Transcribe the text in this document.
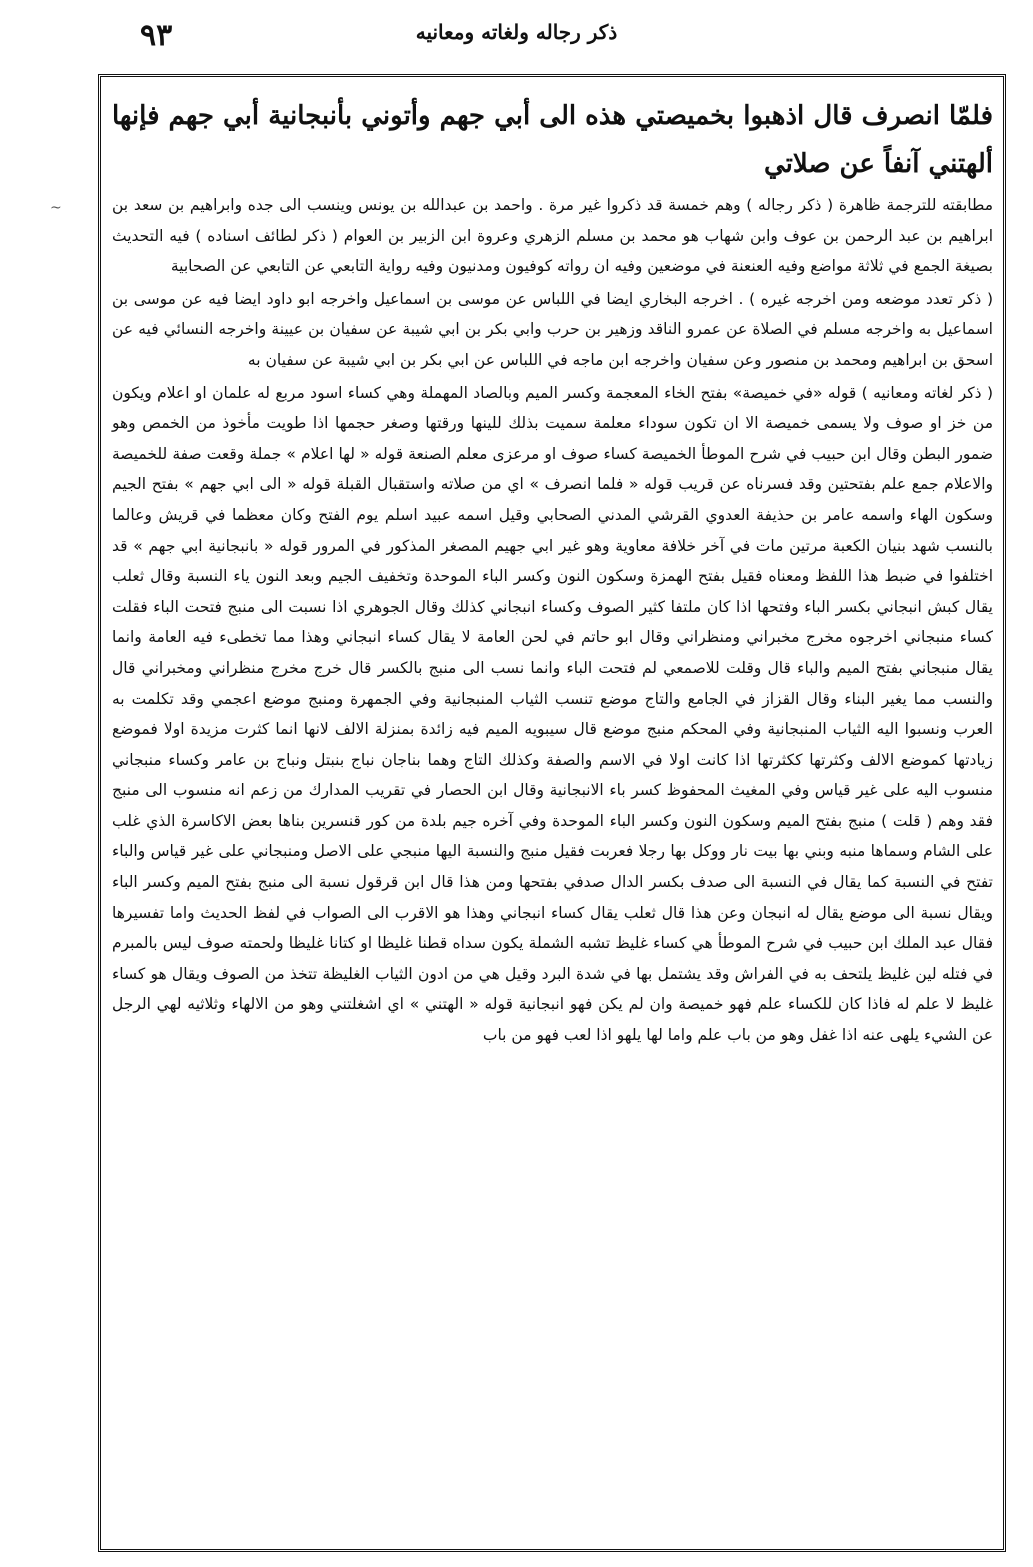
٩٣	ذكر رجاله ولغاته ومعانيه
~
فلمّا انصرف قال اذهبوا بخميصتي هذه الى أبي جهم وأتوني بأنبجانية أبي جهم فإنها ألهتني آنفاً عن صلاتي

مطابقته للترجمة ظاهرة ( ذكر رجاله ) وهم خمسة قد ذكروا غير مرة . واحمد بن عبدالله بن يونس وينسب الى جده وابراهيم بن سعد بن ابراهيم بن عبد الرحمن بن عوف وابن شهاب هو محمد بن مسلم الزهري وعروة ابن الزبير بن العوام ( ذكر لطائف اسناده ) فيه التحديث بصيغة الجمع في ثلاثة مواضع وفيه العنعنة في موضعين وفيه ان رواته كوفيون ومدنيون وفيه رواية التابعي عن التابعي عن الصحابية

( ذكر تعدد موضعه ومن اخرجه غيره ) . اخرجه البخاري ايضا في اللباس عن موسى بن اسماعيل واخرجه ابو داود ايضا فيه عن موسى بن اسماعيل به واخرجه مسلم في الصلاة عن عمرو الناقد وزهير بن حرب وابي بكر بن ابي شيبة عن سفيان بن عيينة واخرجه النسائي فيه عن اسحق بن ابراهيم ومحمد بن منصور وعن سفيان واخرجه ابن ماجه في اللباس عن ابي بكر بن ابي شيبة عن سفيان به

( ذكر لغاته ومعانيه ) قوله «في خميصة» بفتح الخاء المعجمة وكسر الميم وبالصاد المهملة وهي كساء اسود مربع له علمان او اعلام ويكون من خز او صوف ولا يسمى خميصة الا ان تكون سوداء معلمة سميت بذلك للينها ورقتها وصغر حجمها اذا طويت مأخوذ من الخمص وهو ضمور البطن وقال ابن حبيب في شرح الموطأ الخميصة كساء صوف او مرعزى معلم الصنعة قوله « لها اعلام » جملة وقعت صفة للخميصة والاعلام جمع علم بفتحتين وقد فسرناه عن قريب قوله « فلما انصرف » اي من صلاته واستقبال القبلة قوله « الى ابي جهم » بفتح الجيم وسكون الهاء واسمه عامر بن حذيفة العدوي القرشي المدني الصحابي وقيل اسمه عبيد اسلم يوم الفتح وكان معظما في قريش وعالما بالنسب شهد بنيان الكعبة مرتين مات في آخر خلافة معاوية وهو غير ابي جهيم المصغر المذكور في المرور قوله « بانبجانية ابي جهم » قد اختلفوا في ضبط هذا اللفظ ومعناه فقيل بفتح الهمزة وسكون النون وكسر الباء الموحدة وتخفيف الجيم وبعد النون ياء النسبة وقال ثعلب يقال كبش انبجاني بكسر الباء وفتحها اذا كان ملتفا كثير الصوف وكساء انبجاني كذلك وقال الجوهري اذا نسبت الى منبج فتحت الباء فقلت كساء منبجاني اخرجوه مخرج مخبراني ومنظراني وقال ابو حاتم في لحن العامة لا يقال كساء انبجاني وهذا مما تخطىء فيه العامة وانما يقال منبجاني بفتح الميم والباء قال وقلت للاصمعي لم فتحت الباء وانما نسب الى منبج بالكسر قال خرج مخرج منظراني ومخبراني قال والنسب مما يغير البناء وقال القزاز في الجامع والتاج موضع تنسب الثياب المنبجانية وفي الجمهرة ومنبج موضع اعجمي وقد تكلمت به العرب ونسبوا اليه الثياب المنبجانية وفي المحكم منبج موضع قال سيبويه الميم فيه زائدة بمنزلة الالف لانها انما كثرت مزيدة اولا فموضع زيادتها كموضع الالف وكثرتها ككثرتها اذا كانت اولا في الاسم والصفة وكذلك التاج وهما بناجان نباج بنبتل ونباج بن عامر وكساء منبجاني منسوب اليه على غير قياس وفي المغيث المحفوظ كسر باء الانبجانية وقال ابن الحصار في تقريب المدارك من زعم انه منسوب الى منبج فقد وهم ( قلت ) منبج بفتح الميم وسكون النون وكسر الباء الموحدة وفي آخره جيم بلدة من كور قنسرين بناها بعض الاكاسرة الذي غلب على الشام وسماها منبه وبني بها بيت نار ووكل بها رجلا فعربت فقيل منبج والنسبة اليها منبجي على الاصل ومنبجاني على غير قياس والباء تفتح في النسبة كما يقال في النسبة الى صدف بكسر الدال صدفي بفتحها ومن هذا قال ابن قرقول نسبة الى منبج بفتح الميم وكسر الباء ويقال نسبة الى موضع يقال له انبجان وعن هذا قال ثعلب يقال كساء انبجاني وهذا هو الاقرب الى الصواب في لفظ الحديث واما تفسيرها فقال عبد الملك ابن حبيب في شرح الموطأ هي كساء غليظ تشبه الشملة يكون سداه قطنا غليظا او كتانا غليظا ولحمته صوف ليس بالمبرم في فتله لين غليظ يلتحف به في الفراش وقد يشتمل بها في شدة البرد وقيل هي من ادون الثياب الغليظة تتخذ من الصوف ويقال هو كساء غليظ لا علم له فاذا كان للكساء علم فهو خميصة وان لم يكن فهو انبجانية قوله « الهتني » اي اشغلتني وهو من الالهاء وثلاثيه لهي الرجل عن الشيء يلهى عنه اذا غفل وهو من باب علم واما لها يلهو اذا لعب فهو من باب
